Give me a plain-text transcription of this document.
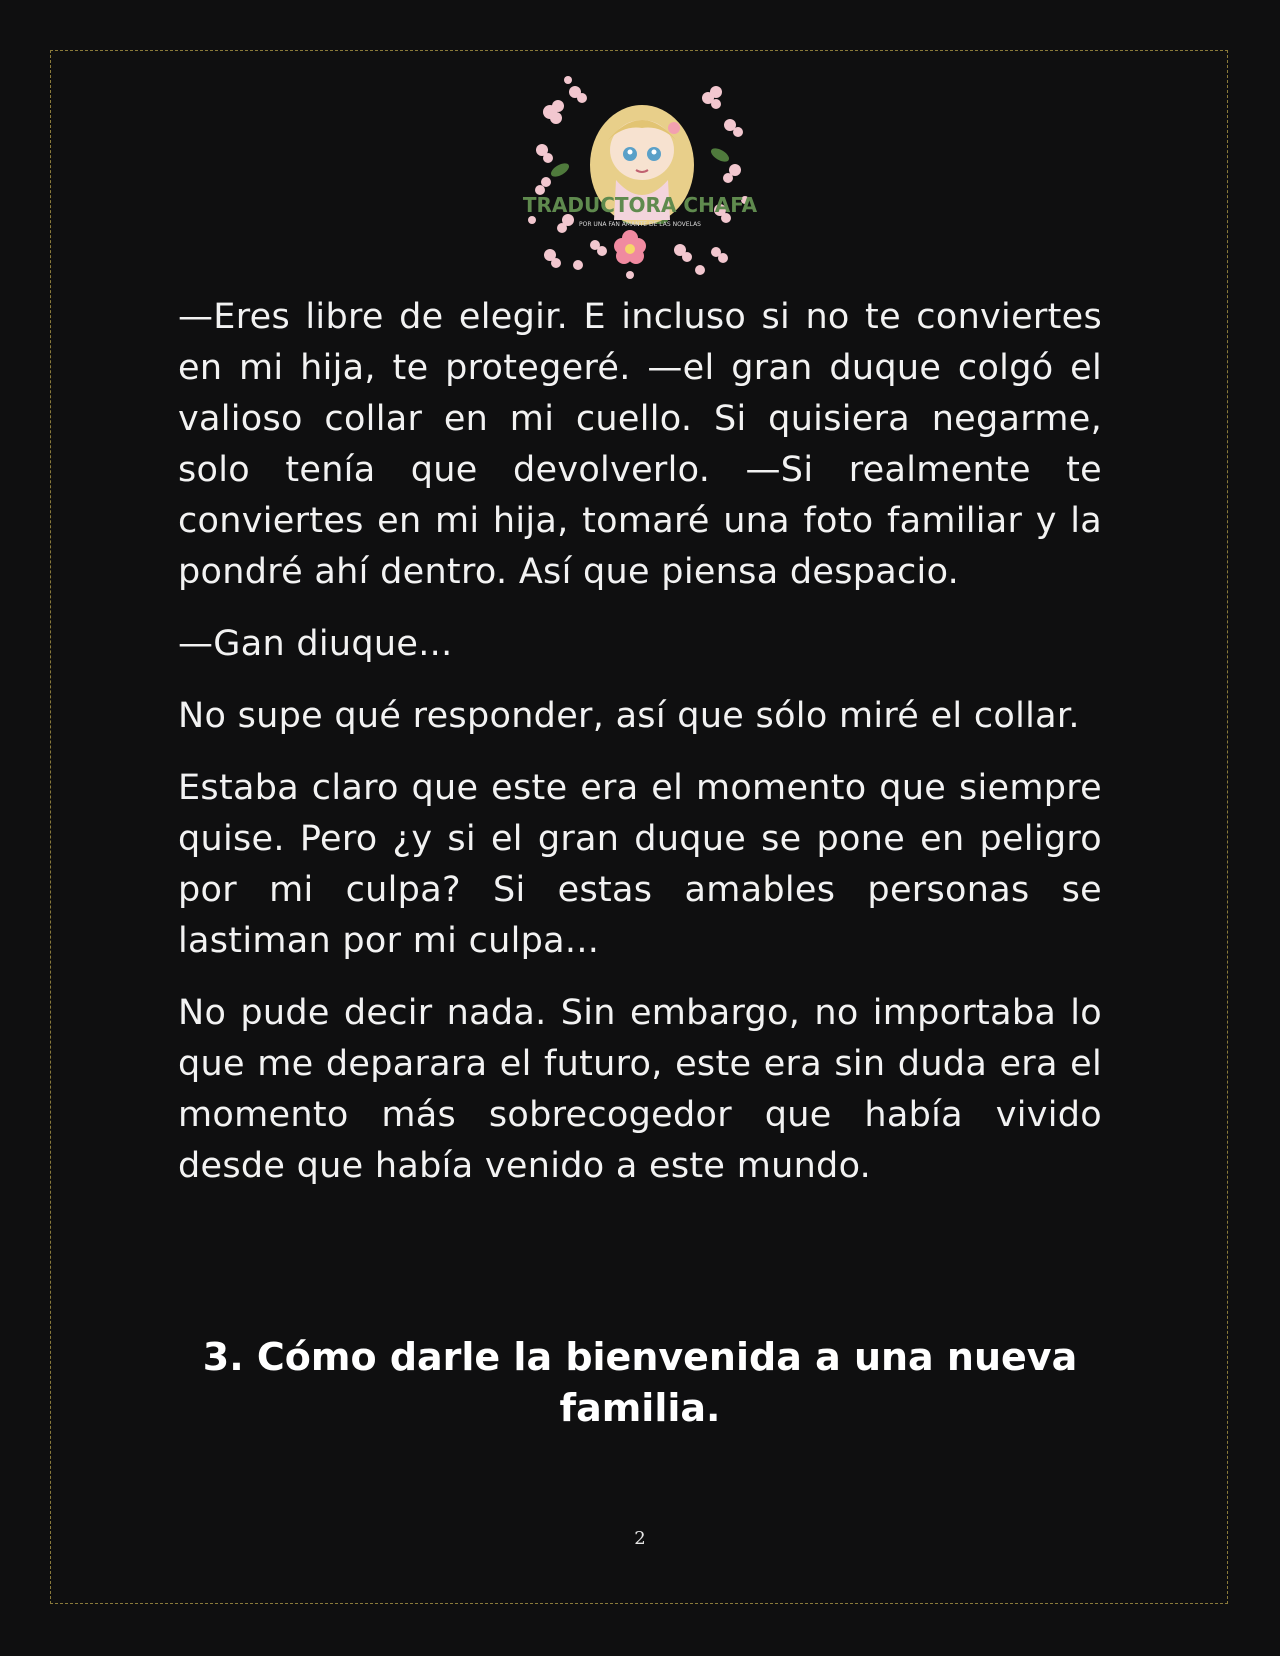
TRADUCTORA CHAFA
POR UNA FAN AMANTE DE LAS NOVELAS

—Eres libre de elegir. E incluso si no te conviertes en mi hija, te protegeré. —el gran duque colgó el valioso collar en mi cuello. Si quisiera negarme, solo tenía que devolverlo. —Si realmente te conviertes en mi hija, tomaré una foto familiar y la pondré ahí dentro. Así que piensa despacio.

—Gan diuque...

No supe qué responder, así que sólo miré el collar.

Estaba claro que este era el momento que siempre quise. Pero ¿y si el gran duque se pone en peligro por mi culpa? Si estas amables personas se lastiman por mi culpa...

No pude decir nada. Sin embargo, no importaba lo que me deparara el futuro, este era sin duda era el momento más sobrecogedor que había vivido desde que había venido a este mundo.

3. Cómo darle la bienvenida a una nueva familia.
2
